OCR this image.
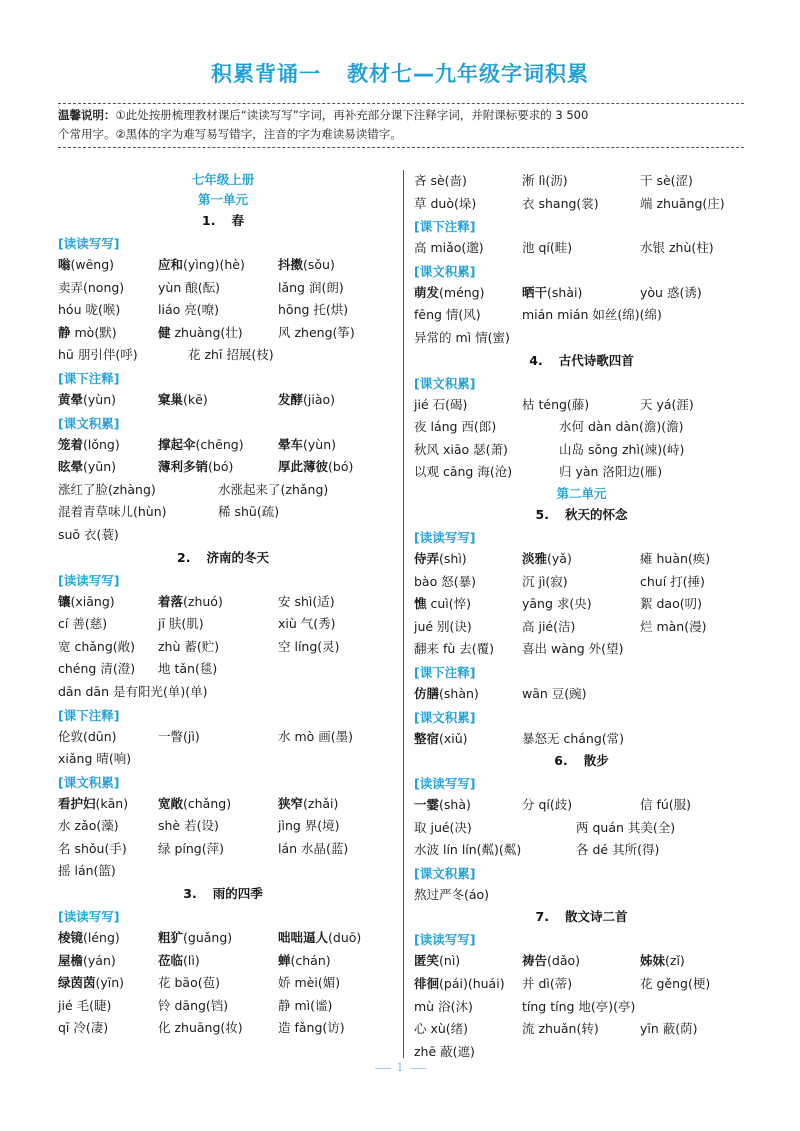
积累背诵一 教材七—九年级字词积累
温馨说明：①此处按册梳理教材课后“读读写写”字词，再补充部分课下注释字词，并附课标要求的 3 500
个常用字。②黑体的字为难写易写错字，注音的字为难读易读错字。
七年级上册
第一单元
1. 春
[读读写写]
嗡(wēng)	应和(yìng)(hè)	抖擞(sǒu)
卖弄(nong)	yùn 酿(酝)	lǎng 润(朗)
hóu 咙(喉)	liáo 亮(嘹)	hōng 托(烘)
静 mò(默)	健 zhuàng(壮)	风 zheng(筝)
hū 朋引伴(呼)	花 zhī 招展(枝)
[课下注释]
黄晕(yùn)	窠巢(kē)	发酵(jiào)
[课文积累]
笼着(lǒng)	撑起伞(chēng)	晕车(yùn)
眩晕(yūn)	薄利多销(bó)	厚此薄彼(bó)
涨红了脸(zhàng)	水涨起来了(zhǎng)
混着青草味儿(hùn)	稀 shū(疏)
suō 衣(蓑)
2. 济南的冬天
[读读写写]
镶(xiāng)	着落(zhuó)	安 shì(适)
cí 善(慈)	jī 肤(肌)	xiù 气(秀)
宽 chǎng(敞)	zhù 蓄(贮)	空 líng(灵)
chéng 清(澄)	地 tǎn(毯)
dān dān 是有阳光(单)(单)
[课下注释]
伦敦(dūn)	一瞥(jì)	水 mò 画(墨)
xiǎng 晴(响)
[课文积累]
看护妇(kān)	宽敞(chǎng)	狭窄(zhǎi)
水 zǎo(藻)	shè 若(设)	jìng 界(境)
名 shǒu(手)	绿 píng(萍)	lán 水晶(蓝)
摇 lán(篮)
3. 雨的四季
[读读写写]
棱镜(léng)	粗犷(guǎng)	咄咄逼人(duō)
屋檐(yán)	莅临(lì)	蝉(chán)
绿茵茵(yīn)	花 bāo(苞)	娇 mèi(媚)
jié 毛(睫)	铃 dāng(铛)	静 mì(谧)
qī 冷(凄)	化 zhuāng(妆)	造 fǎng(访)
吝 sè(啬)	淅 lì(沥)	干 sè(涩)
草 duò(垛)	衣 shang(裳)	端 zhuāng(庄)
[课下注释]
高 miǎo(邈)	池 qí(畦)	水银 zhù(柱)
[课文积累]
萌发(méng)	晒干(shài)	yòu 惑(诱)
fēng 情(风)	mián mián 如丝(绵)(绵)
异常的 mì 情(蜜)
4. 古代诗歌四首
[课文积累]
jié 石(碣)	枯 téng(藤)	天 yá(涯)
夜 láng 西(郎)	水何 dàn dàn(澹)(澹)
秋风 xiāo 瑟(萧)	山岛 sǒng zhì(竦)(峙)
以观 cāng 海(沧)	归 yàn 洛阳边(雁)
第二单元
5. 秋天的怀念
[读读写写]
侍弄(shì)	淡雅(yǎ)	瘫 huàn(痪)
bào 怒(暴)	沉 jì(寂)	chuí 打(捶)
憔 cuì(悴)	yāng 求(央)	絮 dao(叨)
jué 别(诀)	高 jié(洁)	烂 màn(漫)
翻来 fù 去(覆)	喜出 wàng 外(望)
[课下注释]
仿膳(shàn)	wān 豆(豌)
[课文积累]
整宿(xiǔ)	暴怒无 cháng(常)
6. 散步
[读读写写]
一霎(shà)	分 qí(歧)	信 fú(服)
取 jué(决)	两 quán 其美(全)
水波 lín lín(粼)(粼)	各 dé 其所(得)
[课文积累]
熬过严冬(áo)
7. 散文诗二首
[读读写写]
匿笑(nì)	祷告(dǎo)	姊妹(zǐ)
徘徊(pái)(huái)	并 dì(蒂)	花 gěng(梗)
mù 浴(沐)	tíng tíng 地(亭)(亭)
心 xù(绪)	流 zhuǎn(转)	yīn 蔽(荫)
zhē 蔽(遮)
1
